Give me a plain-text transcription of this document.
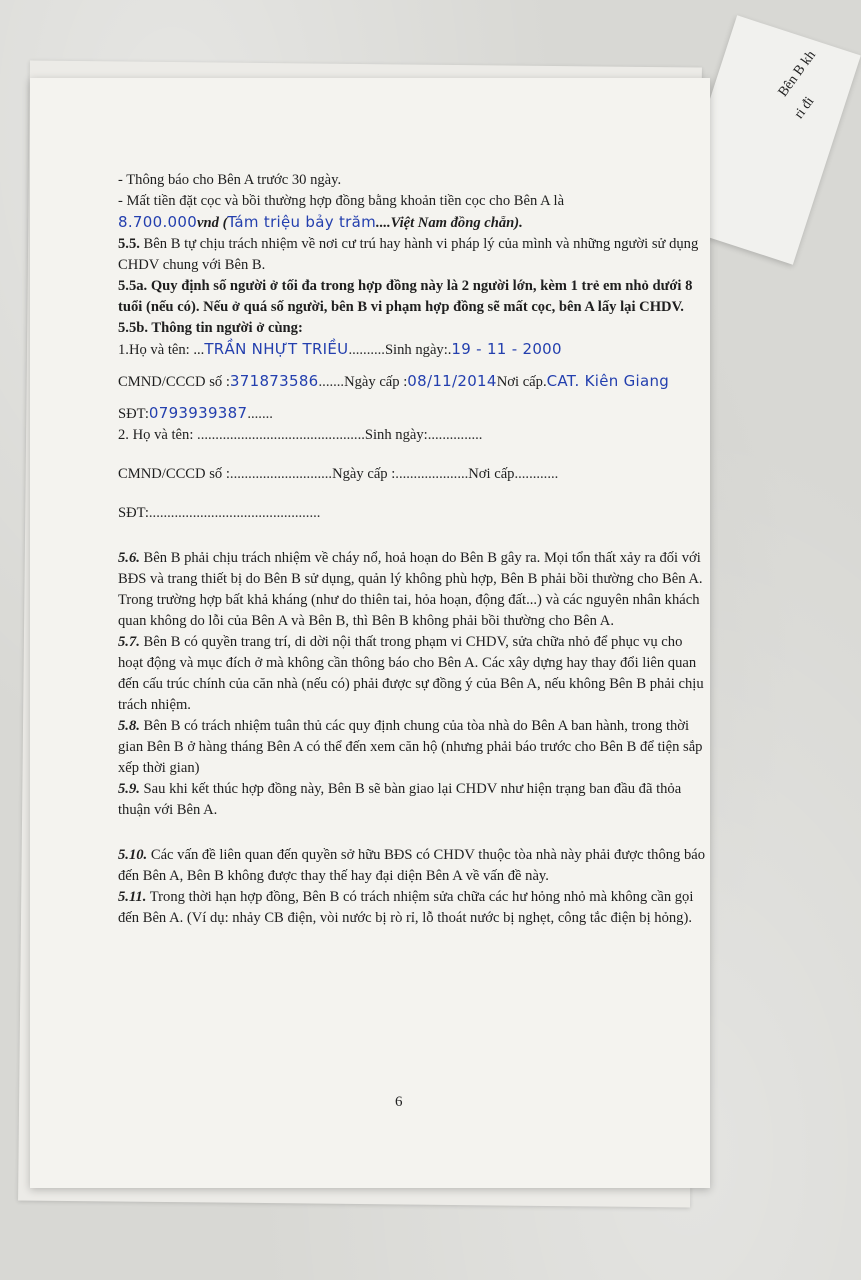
Bên B kh
ri đi

- Thông báo cho Bên A trước 30 ngày.

- Mất tiền đặt cọc và bồi thường hợp đồng bằng khoản tiền cọc cho Bên A là

8.700.000vnd (Tám triệu bảy trăm....Việt Nam đồng chẵn).

5.5. Bên B tự chịu trách nhiệm về nơi cư trú hay hành vi pháp lý của mình và những người sử dụng CHDV chung với Bên B.

5.5a. Quy định số người ở tối đa trong hợp đồng này là 2 người lớn, kèm 1 trẻ em nhỏ dưới 8 tuổi (nếu có). Nếu ở quá số người, bên B vi phạm hợp đồng sẽ mất cọc, bên A lấy lại CHDV.

5.5b. Thông tin người ở cùng:

1.Họ và tên: ...TRẦN NHỰT TRIỀU..........Sinh ngày:.19 - 11 - 2000

CMND/CCCD số :371873586.......Ngày cấp :08/11/2014Nơi cấp.CAT. Kiên Giang

SĐT:0793939387.......

2. Họ và tên: ..............................................Sinh ngày:...............

CMND/CCCD số :............................Ngày cấp :....................Nơi cấp............

SĐT:...............................................

5.6. Bên B phải chịu trách nhiệm về cháy nổ, hoả hoạn do Bên B gây ra. Mọi tổn thất xảy ra đối với BĐS và trang thiết bị do Bên B sử dụng, quản lý không phù hợp, Bên B phải bồi thường cho Bên A.

Trong trường hợp bất khả kháng (như do thiên tai, hỏa hoạn, động đất...) và các nguyên nhân khách quan không do lỗi của Bên A và Bên B, thì Bên B không phải bồi thường cho Bên A.

5.7. Bên B có quyền trang trí, di dời nội thất trong phạm vi CHDV, sửa chữa nhỏ để phục vụ cho hoạt động và mục đích ở mà không cần thông báo cho Bên A. Các xây dựng hay thay đổi liên quan đến cấu trúc chính của căn nhà (nếu có) phải được sự đồng ý của Bên A, nếu không Bên B phải chịu trách nhiệm.

5.8. Bên B có trách nhiệm tuân thủ các quy định chung của tòa nhà do Bên A ban hành, trong thời gian Bên B ở hàng tháng Bên A có thể đến xem căn hộ (nhưng phải báo trước cho Bên B để tiện sắp xếp thời gian)

5.9. Sau khi kết thúc hợp đồng này, Bên B sẽ bàn giao lại CHDV như hiện trạng ban đầu đã thỏa thuận với Bên A.

5.10. Các vấn đề liên quan đến quyền sở hữu BĐS có CHDV thuộc tòa nhà này phải được thông báo đến Bên A, Bên B không được thay thế hay đại diện Bên A về vấn đề này.

5.11. Trong thời hạn hợp đồng, Bên B có trách nhiệm sửa chữa các hư hỏng nhỏ mà không cần gọi đến Bên A. (Ví dụ: nhảy CB điện, vòi nước bị rò rỉ, lỗ thoát nước bị nghẹt, công tắc điện bị hỏng).

6
